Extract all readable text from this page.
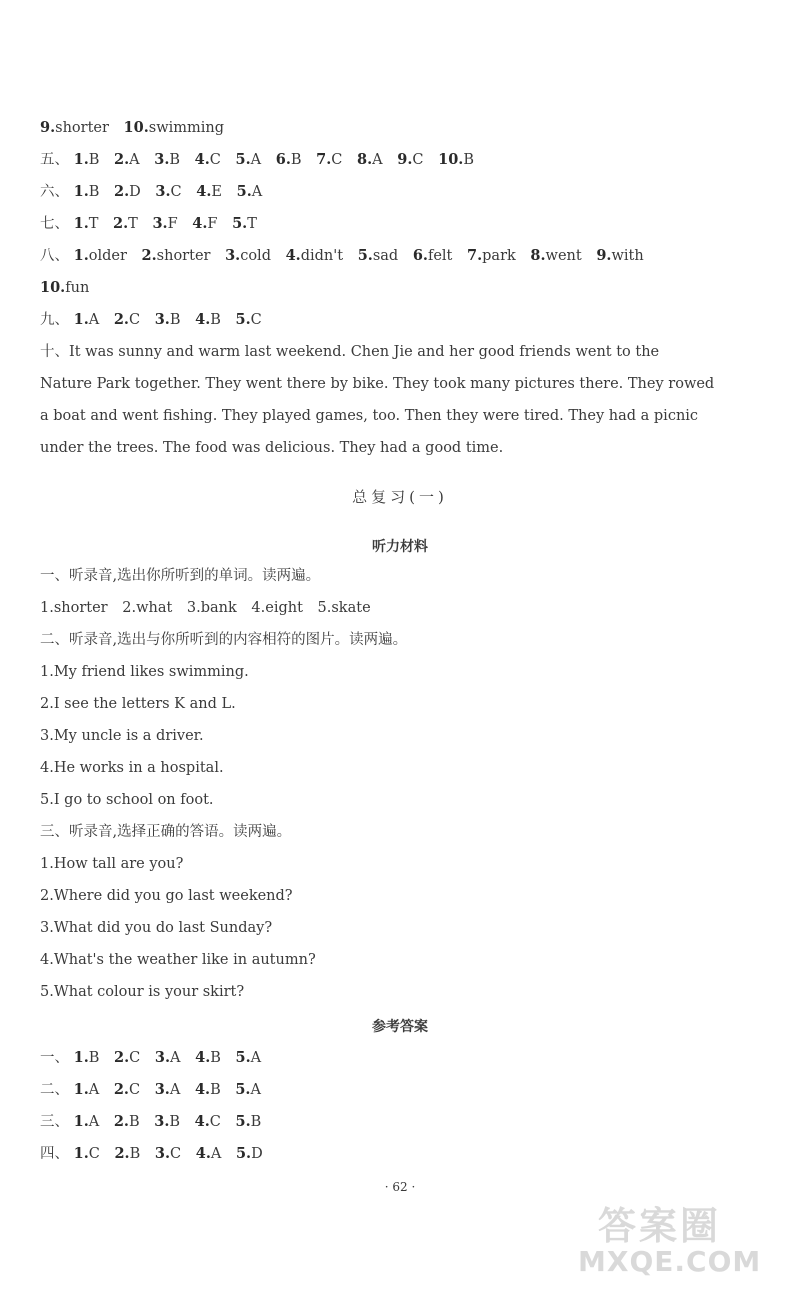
9.shorter 10.swimming
五、 1.B 2.A 3.B 4.C 5.A 6.B 7.C 8.A 9.C 10.B
六、 1.B 2.D 3.C 4.E 5.A
七、 1.T 2.T 3.F 4.F 5.T
八、 1.older 2.shorter 3.cold 4.didn't 5.sad 6.felt 7.park 8.went 9.with
10.fun
九、 1.A 2.C 3.B 4.B 5.C
十、It was sunny and warm last weekend. Chen Jie and her good friends went to the
Nature Park together. They went there by bike. They took many pictures there. They rowed
a boat and went fishing. They played games, too. Then they were tired. They had a picnic
under the trees. The food was delicious. They had a good time.
总复习(一)
听力材料
一、听录音,选出你所听到的单词。读两遍。
1.shorter 2.what 3.bank 4.eight 5.skate
二、听录音,选出与你所听到的内容相符的图片。读两遍。
1.My friend likes swimming.
2.I see the letters K and L.
3.My uncle is a driver.
4.He works in a hospital.
5.I go to school on foot.
三、听录音,选择正确的答语。读两遍。
1.How tall are you?
2.Where did you go last weekend?
3.What did you do last Sunday?
4.What's the weather like in autumn?
5.What colour is your skirt?
参考答案
一、 1.B 2.C 3.A 4.B 5.A
二、 1.A 2.C 3.A 4.B 5.A
三、 1.A 2.B 3.B 4.C 5.B
四、 1.C 2.B 3.C 4.A 5.D
· 62 ·
答案圈
MXQE.COM
